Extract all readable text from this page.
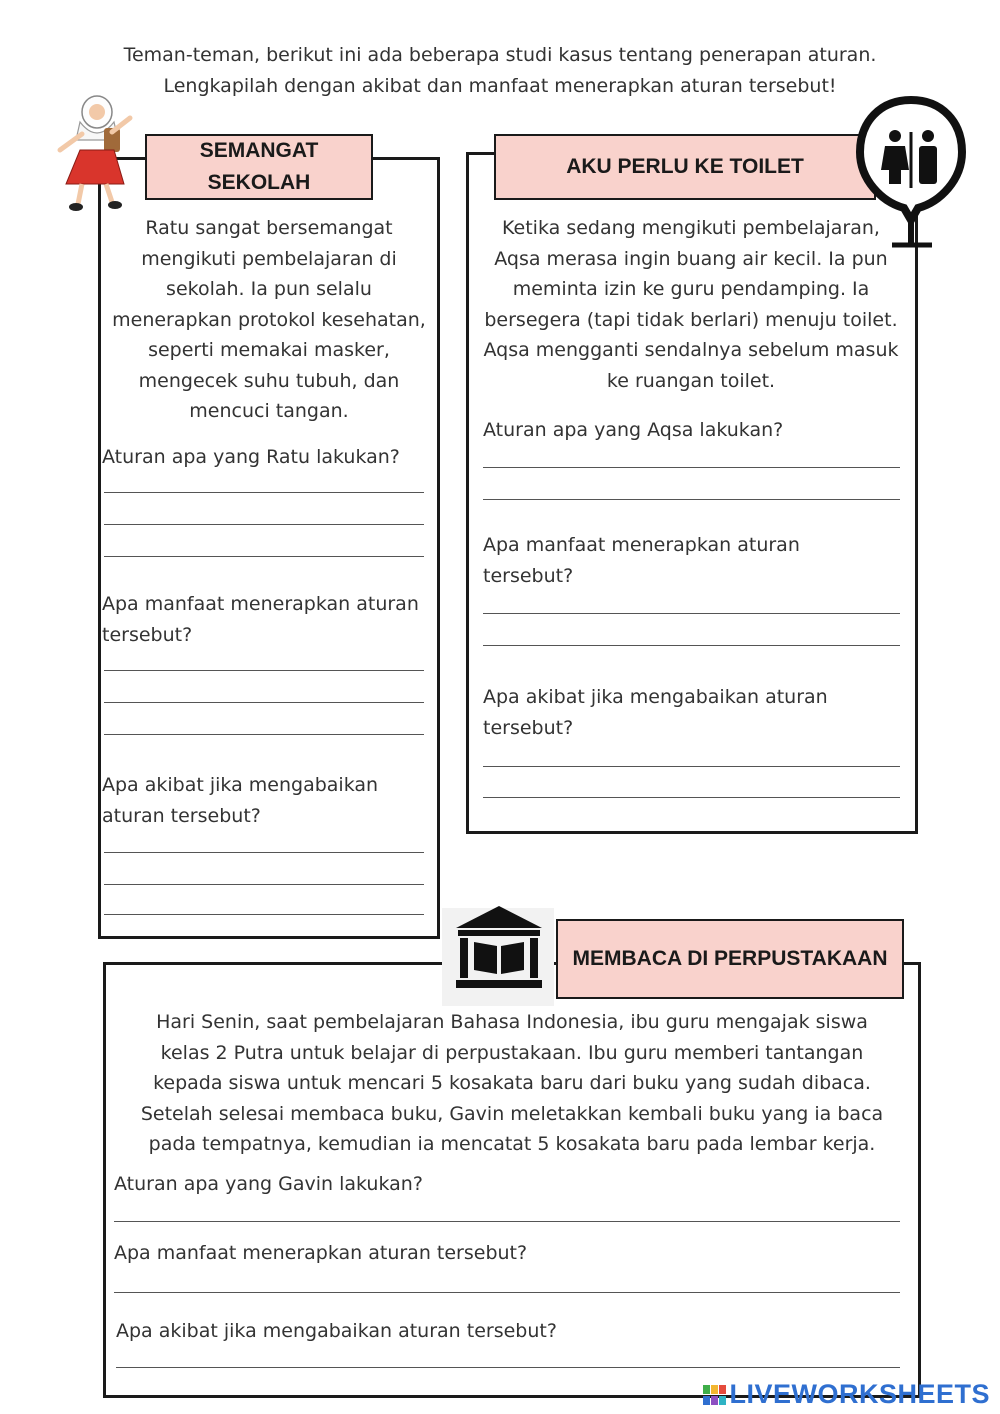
Teman-teman, berikut ini ada beberapa studi kasus tentang penerapan aturan.
Lengkapilah dengan akibat dan manfaat menerapkan aturan tersebut!
SEMANGAT
SEKOLAH
Ratu sangat bersemangat
mengikuti pembelajaran di
sekolah. Ia pun selalu
menerapkan protokol kesehatan,
seperti memakai masker,
mengecek suhu tubuh, dan
mencuci tangan.
Aturan apa yang Ratu lakukan?
Apa manfaat menerapkan aturan
tersebut?
Apa akibat jika mengabaikan
aturan tersebut?
AKU PERLU KE TOILET
Ketika sedang mengikuti pembelajaran,
Aqsa merasa ingin buang air kecil. Ia pun
meminta izin ke guru pendamping. Ia
bersegera (tapi tidak berlari) menuju toilet.
Aqsa mengganti sendalnya sebelum masuk
ke ruangan toilet.
Aturan apa yang Aqsa lakukan?
Apa manfaat menerapkan aturan
tersebut?
Apa akibat jika mengabaikan aturan
tersebut?
MEMBACA DI PERPUSTAKAAN
Hari Senin, saat pembelajaran Bahasa Indonesia, ibu guru mengajak siswa
kelas 2 Putra untuk belajar di perpustakaan. Ibu guru memberi tantangan
kepada siswa untuk mencari 5 kosakata baru dari buku yang sudah dibaca.
Setelah selesai membaca buku, Gavin meletakkan kembali buku yang ia baca
pada tempatnya, kemudian ia mencatat 5 kosakata baru pada lembar kerja.
Aturan apa yang Gavin lakukan?
Apa manfaat menerapkan aturan tersebut?
Apa akibat jika mengabaikan aturan tersebut?
LIVEWORKSHEETS
